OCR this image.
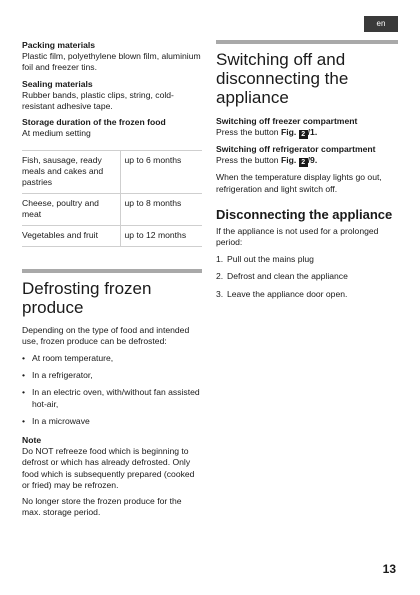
en
Packing materials
Plastic film, polyethylene blown film, aluminium foil and freezer tins.
Sealing materials
Rubber bands, plastic clips, string, cold-resistant adhesive tape.
Storage duration of the frozen food
At medium setting
Fish, sausage, ready meals and cakes and pastries	up to 6 months
Cheese, poultry and meat	up to 8 months
Vegetables and fruit	up to 12 months
Defrosting frozen produce
Depending on the type of food and intended use, frozen produce can be defrosted:
• At room temperature,
• In a refrigerator,
• In an electric oven, with/without fan assisted hot-air,
• In a microwave
Note
Do NOT refreeze food which is beginning to defrost or which has already defrosted. Only food which is subsequently prepared (cooked or fried) may be refrozen.
No longer store the frozen produce for the max. storage period.
Switching off and disconnecting the appliance
Switching off freezer compartment
Press the button Fig. 2 /1.
Switching off refrigerator compartment
Press the button Fig. 2 /9.
When the temperature display lights go out, refrigeration and light switch off.
Disconnecting the appliance
If the appliance is not used for a prolonged period:
1. Pull out the mains plug
2. Defrost and clean the appliance
3. Leave the appliance door open.
13
